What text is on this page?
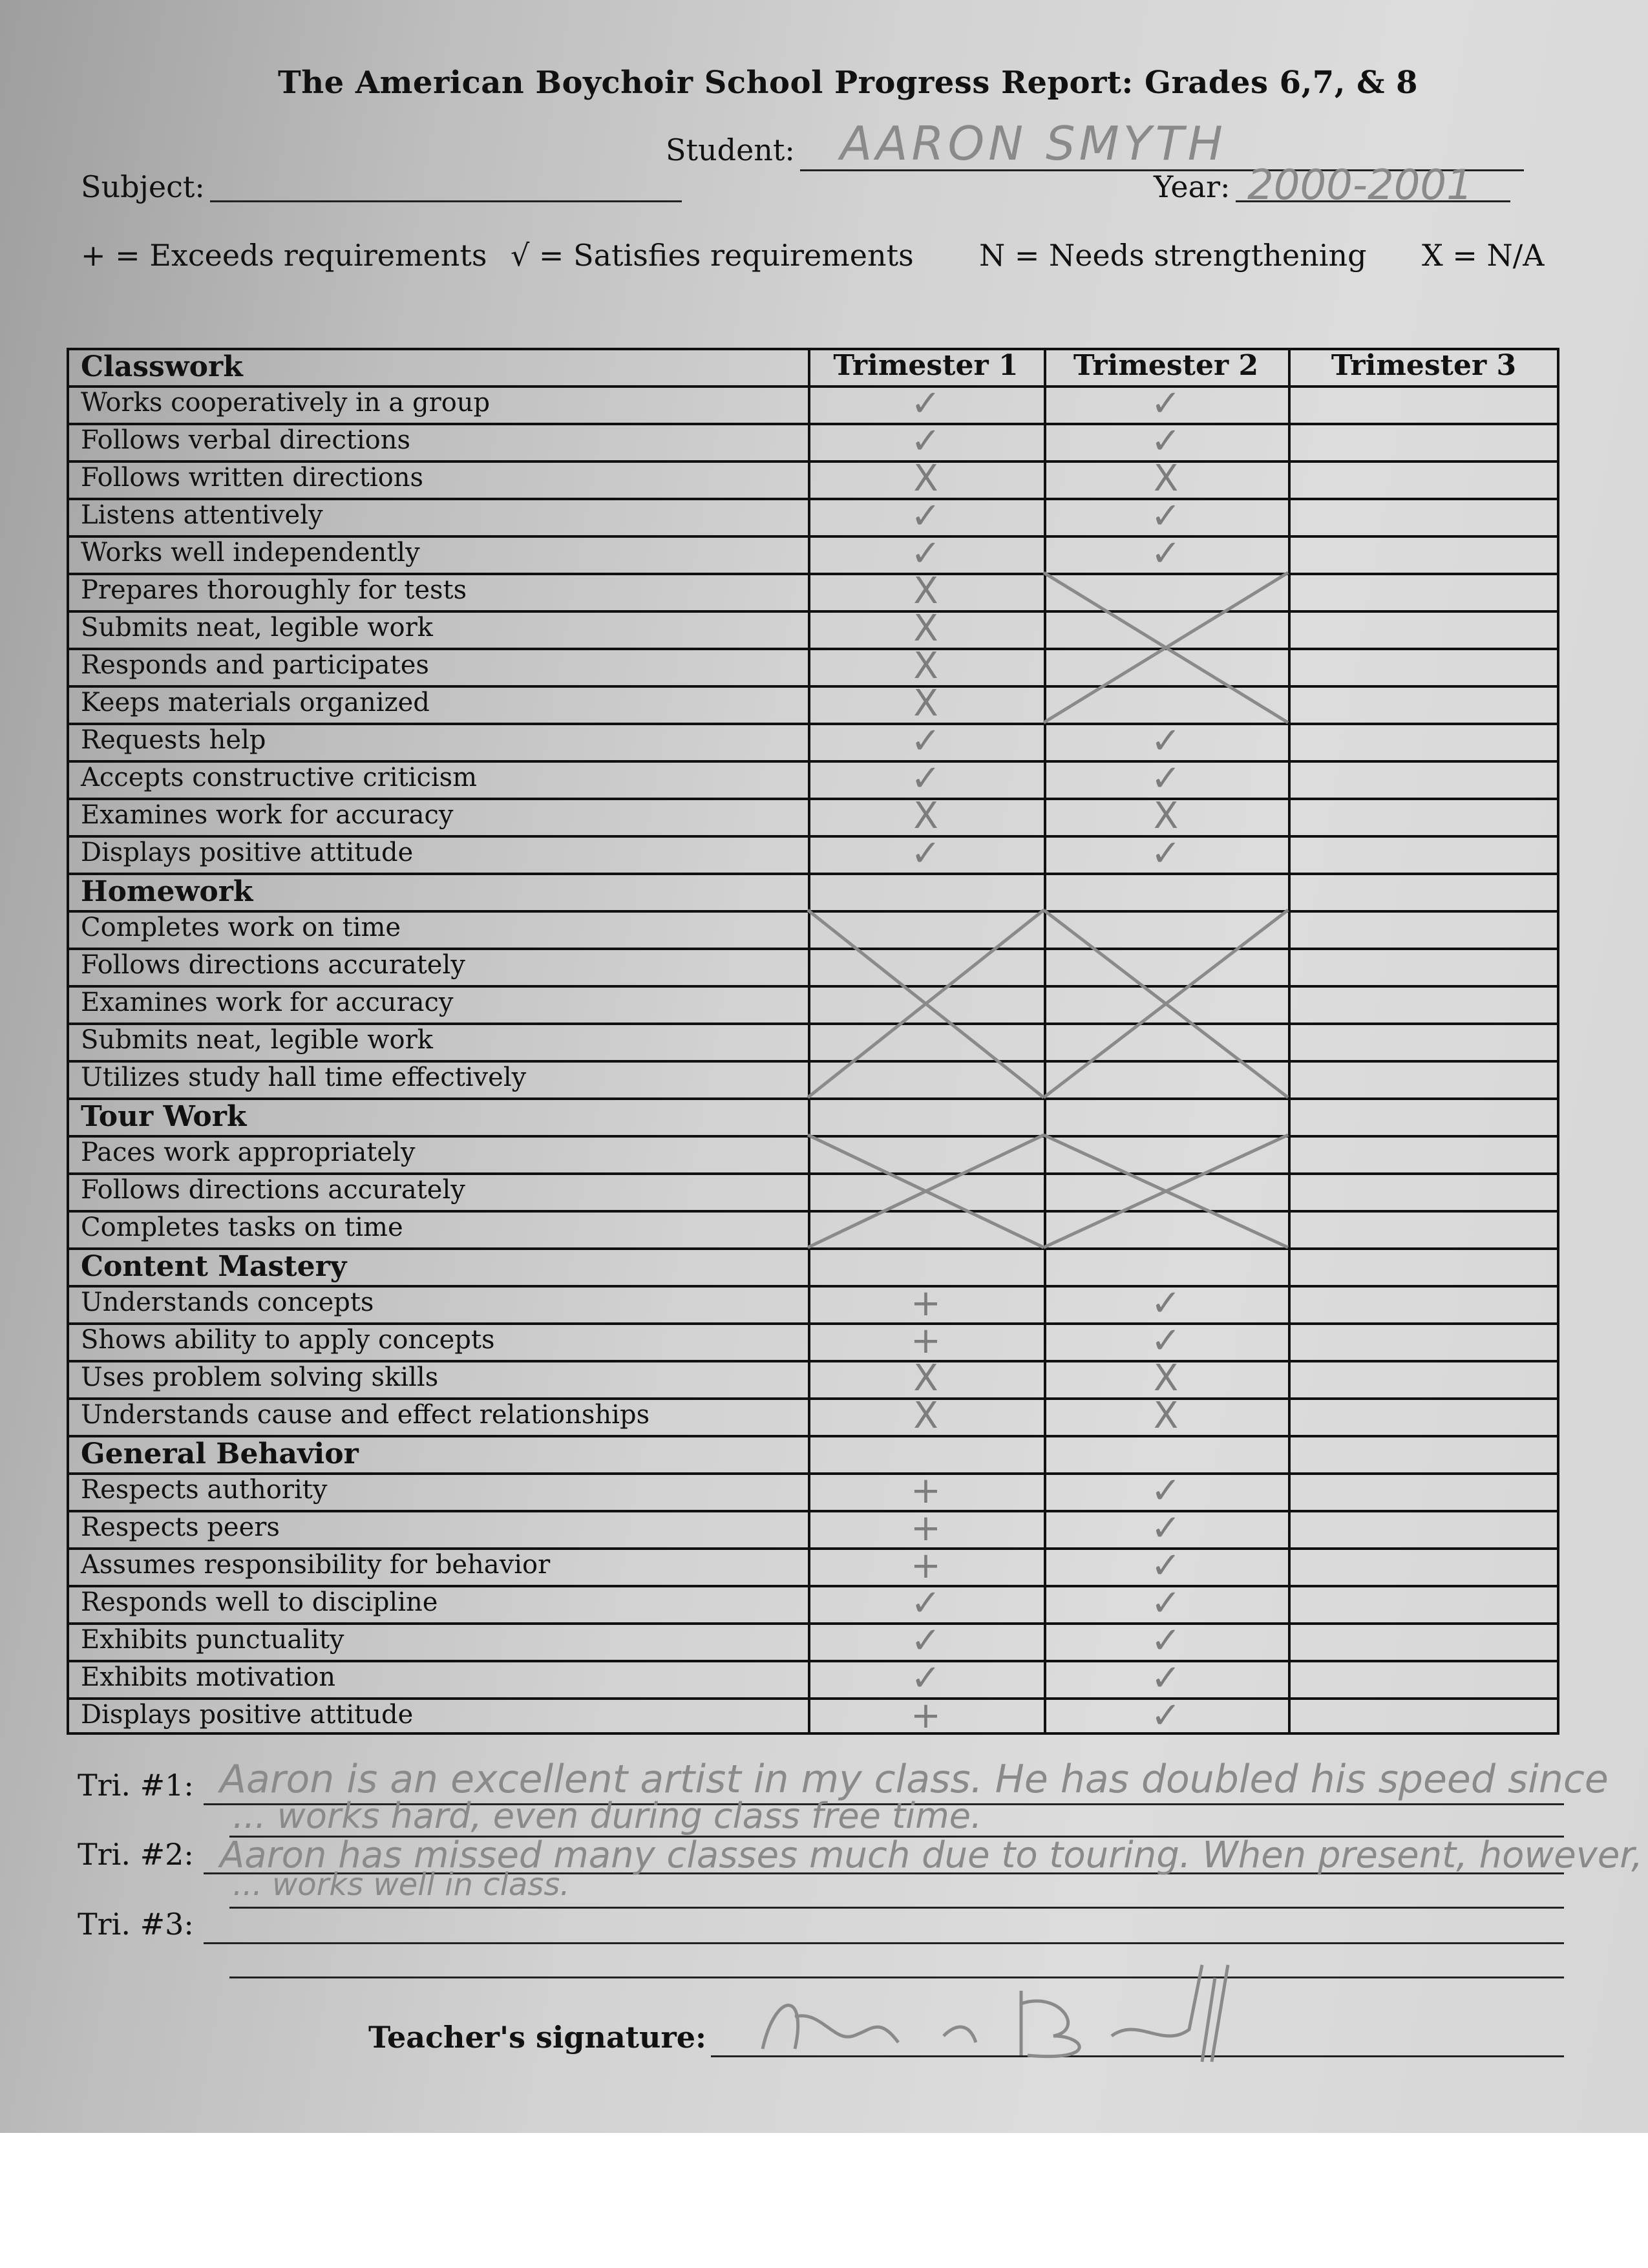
The American Boychoir School Progress Report: Grades 6,7, & 8
Student: AARON SMYTH
Subject:	Year: 2000-2001
+ = Exceeds requirements √ = Satisfies requirements N = Needs strengthening X = N/A
Trimester 1	Trimester 2	Trimester 3
Classwork
Works cooperatively in a group	✓	✓
Follows verbal directions	✓	✓
Follows written directions	X	X
Listens attentively	✓	✓
Works well independently	✓	✓
Prepares thoroughly for tests	X
Submits neat, legible work	X
Responds and participates	X
Keeps materials organized	X
Requests help	✓	✓
Accepts constructive criticism	✓	✓
Examines work for accuracy	X	X
Displays positive attitude	✓	✓
Homework
Completes work on time
Follows directions accurately
Examines work for accuracy
Submits neat, legible work
Utilizes study hall time effectively
Tour Work
Paces work appropriately
Follows directions accurately
Completes tasks on time
Content Mastery
Understands concepts	+	✓
Shows ability to apply concepts	+	✓
Uses problem solving skills	X	X
Understands cause and effect relationships	X	X
General Behavior
Respects authority	+	✓
Respects peers	+	✓
Assumes responsibility for behavior	+	✓
Responds well to discipline	✓	✓
Exhibits punctuality	✓	✓
Exhibits motivation	✓	✓
Displays positive attitude	+	✓
Tri. #1: Aaron is an excellent artist in my class. He has doubled his speed since
... works hard, even during class free time.
Tri. #2: Aaron has missed many classes much due to touring. When present, however,
... works well in class.
Tri. #3:
Teacher's signature:
